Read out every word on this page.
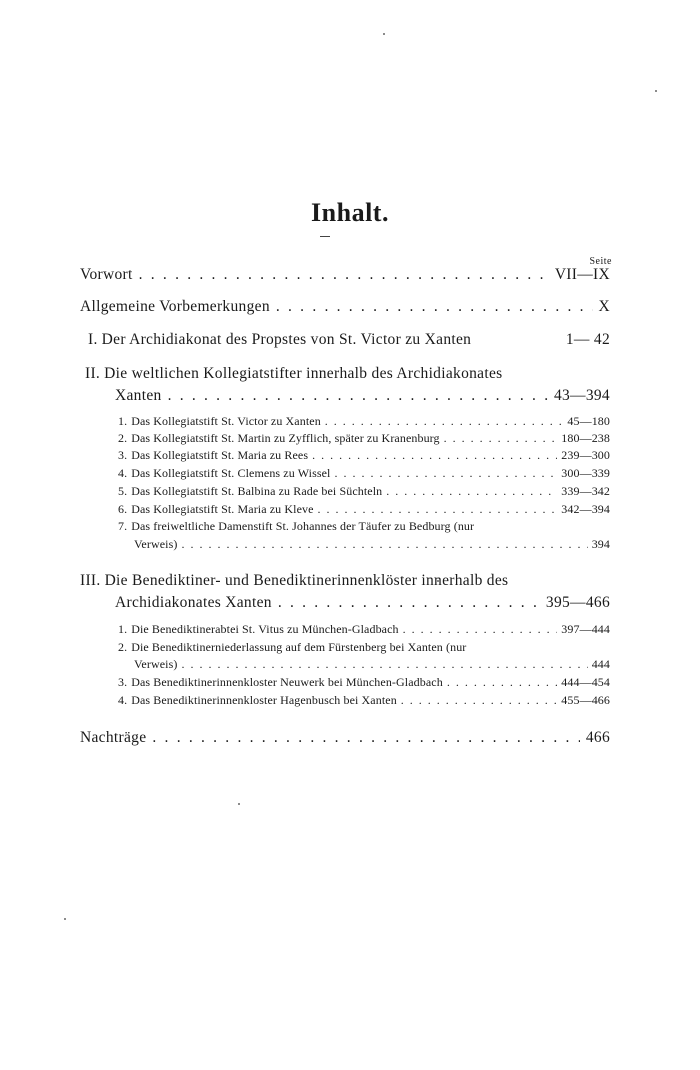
Inhalt.
Seite
Vorwort . . .	VII—IX
Allgemeine Vorbemerkungen . . .	X
I. Der Archidiakonat des Propstes von St. Victor zu Xanten	1— 42
II. Die weltlichen Kollegiatstifter innerhalb des Archidiakonates
Xanten . . .	43—394
1. Das Kollegiatstift St. Victor zu Xanten . . .	45—180
2. Das Kollegiatstift St. Martin zu Zyfflich, später zu Kranenburg . . .	180—238
3. Das Kollegiatstift St. Maria zu Rees . . .	239—300
4. Das Kollegiatstift St. Clemens zu Wissel . . .	300—339
5. Das Kollegiatstift St. Balbina zu Rade bei Süchteln . . .	339—342
6. Das Kollegiatstift St. Maria zu Kleve . . .	342—394
7. Das freiweltliche Damenstift St. Johannes der Täufer zu Bedburg (nur
Verweis) . . .	394
III. Die Benediktiner- und Benediktinerinnenklöster innerhalb des
Archidiakonates Xanten . . .	395—466
1. Die Benediktinerabtei St. Vitus zu München-Gladbach . . .	397—444
2. Die Benediktinerniederlassung auf dem Fürstenberg bei Xanten (nur
Verweis) . . .	444
3. Das Benediktinerinnenkloster Neuwerk bei München-Gladbach . . .	444—454
4. Das Benediktinerinnenkloster Hagenbusch bei Xanten . . .	455—466
Nachträge . . .	466
